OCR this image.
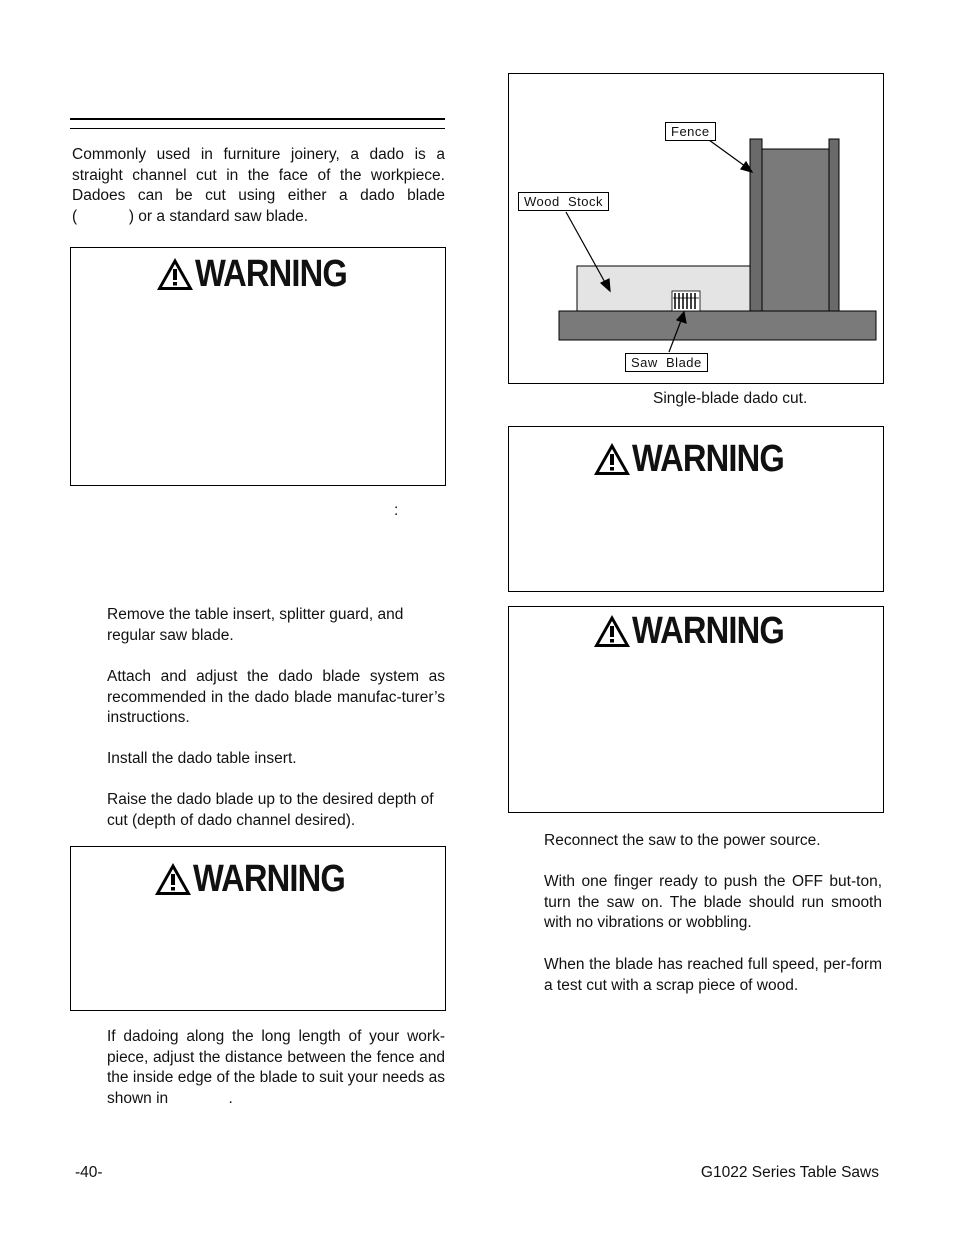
Commonly used in furniture joinery, a dado is a
straight channel cut in the face of the workpiece.
Dadoes can be cut using either a dado blade
(            ) or a standard saw blade.
WARNING
:
Remove the table insert, splitter guard, and regular saw blade.
Attach and adjust the dado blade system as recommended in the dado blade manufac-turer’s instructions.
Install the dado table insert.
Raise the dado blade up to the desired depth of cut (depth of dado channel desired).
WARNING
If dadoing along the long length of your work-piece, adjust the distance between the fence and the inside edge of the blade to suit your needs as shown in              .
Fence
Wood  Stock
Saw  Blade
Single-blade dado cut.
WARNING
WARNING
Reconnect the saw to the power source.
With one finger ready to push the OFF but-ton, turn the saw on. The blade should run smooth with no vibrations or wobbling.
When the blade has reached full speed, per-form a test cut with a scrap piece of wood.
-40-	G1022 Series Table Saws
